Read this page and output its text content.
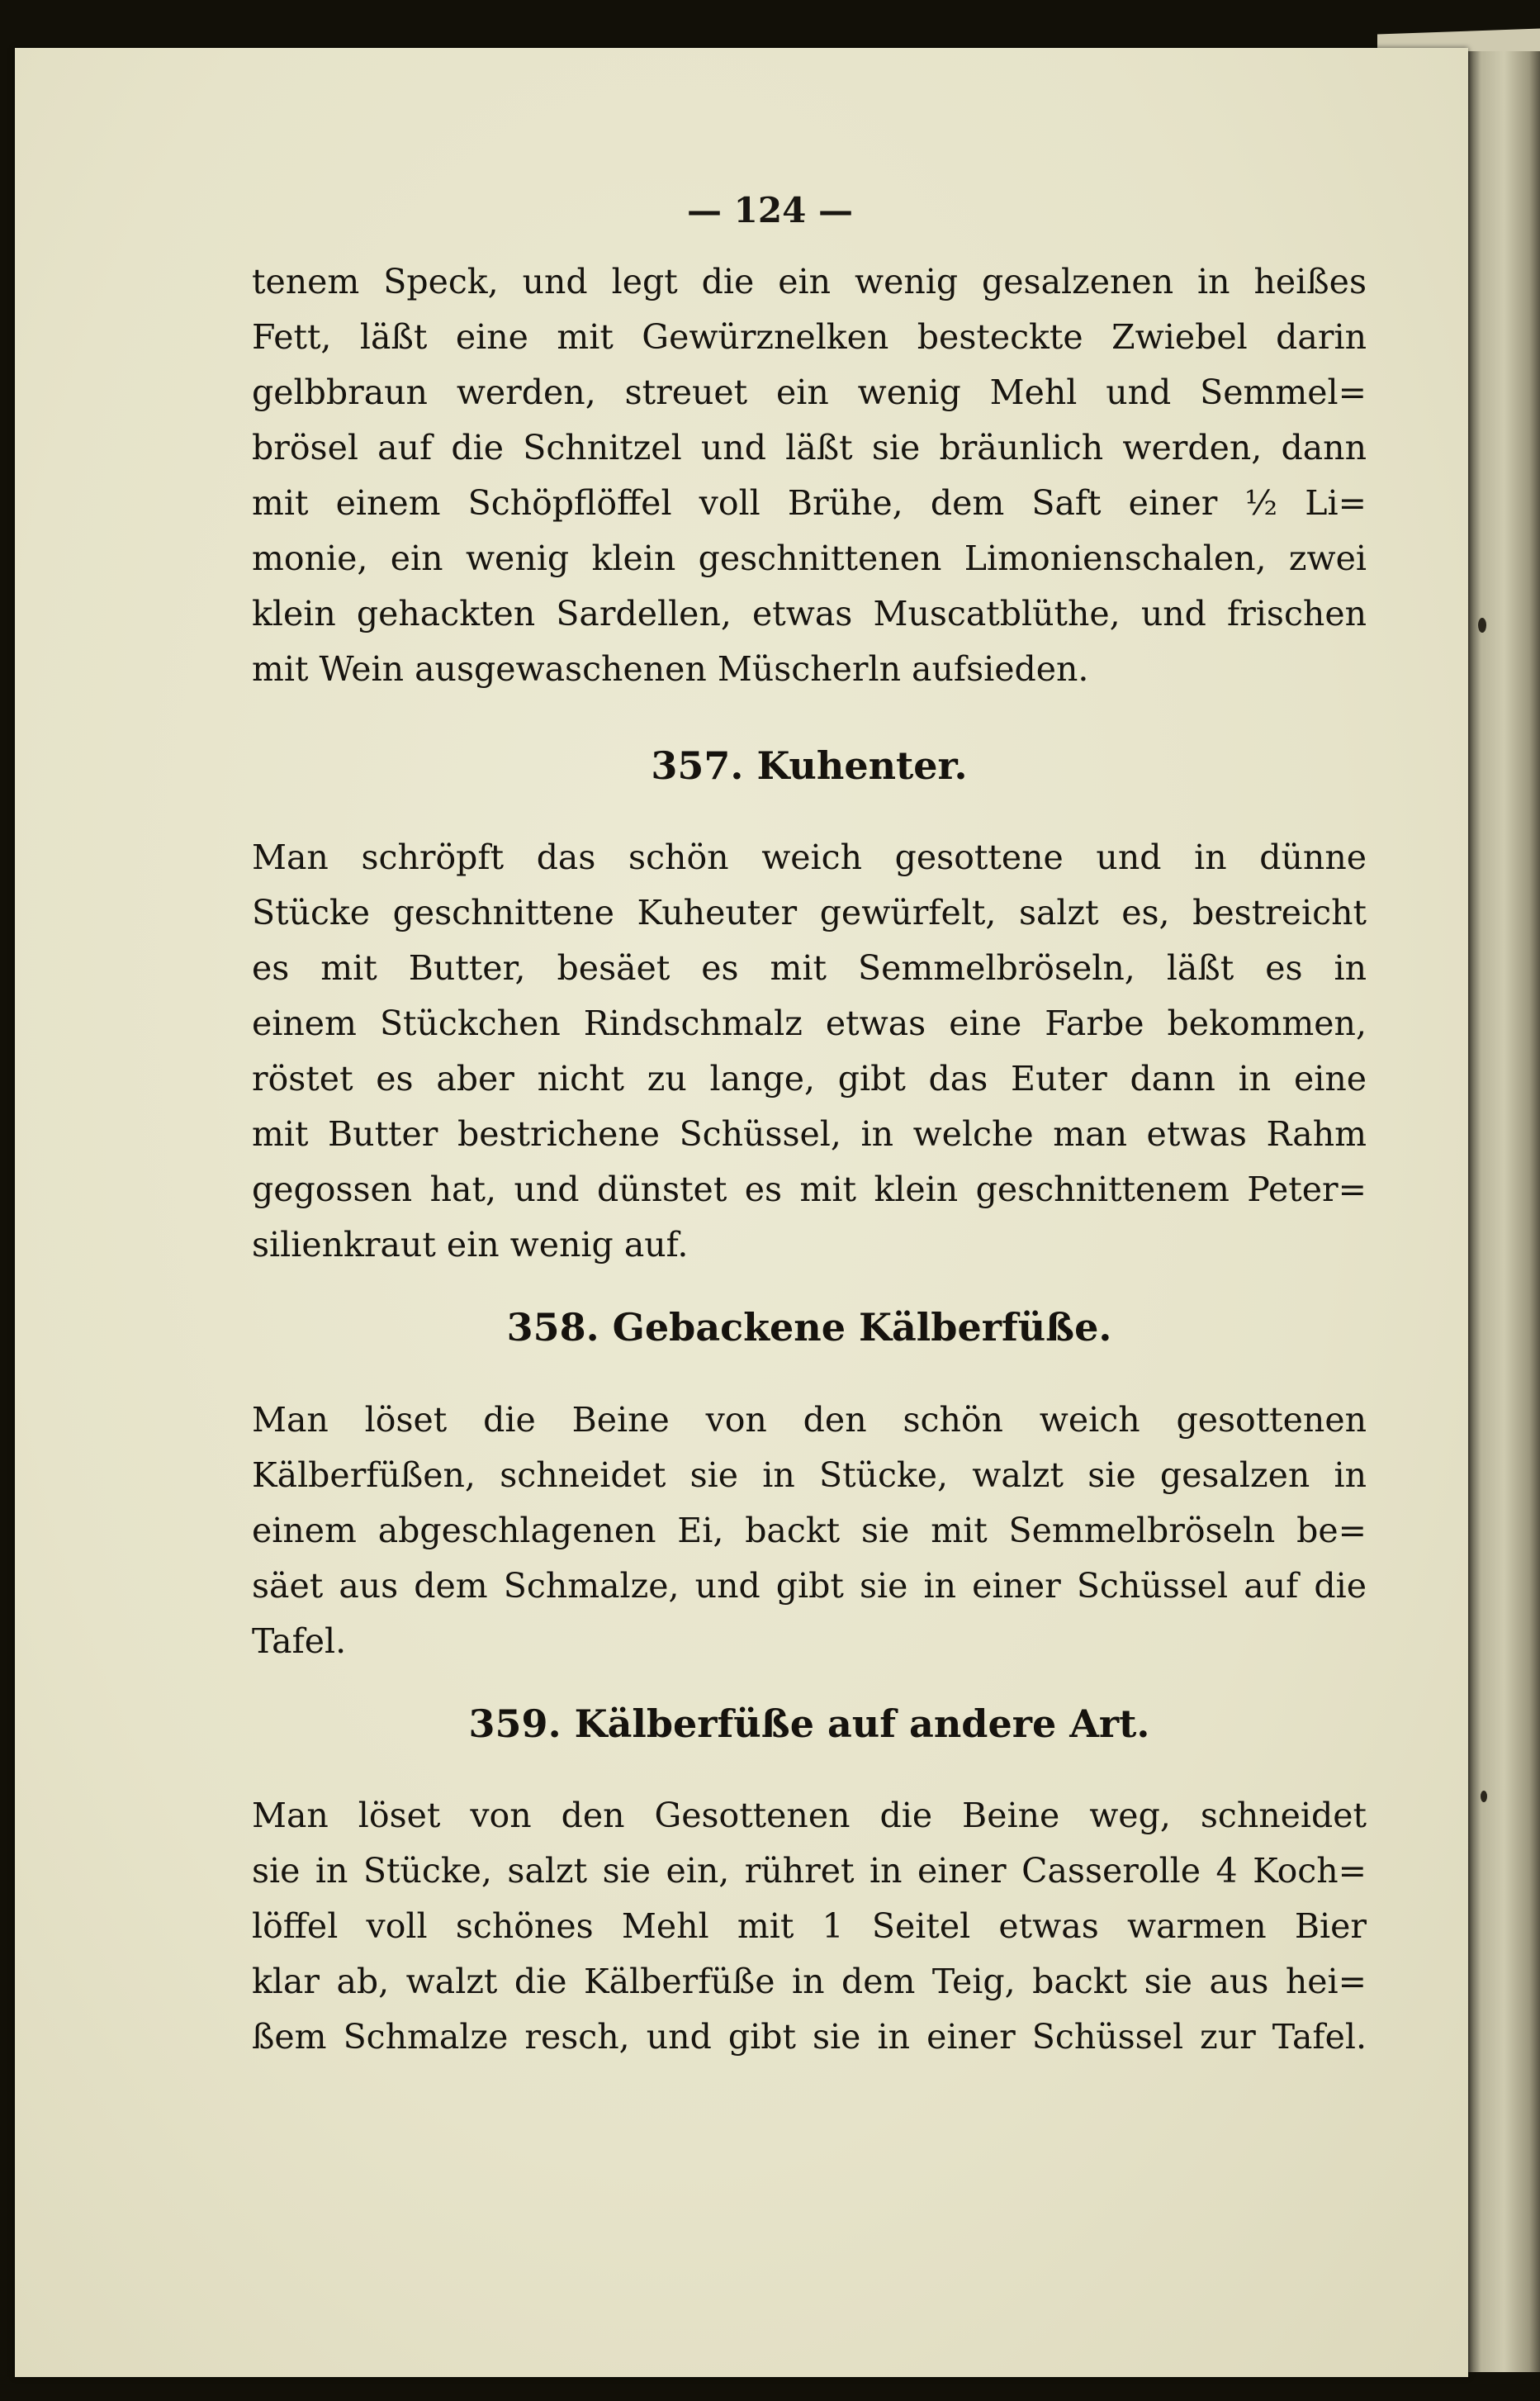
— 124 —
tenem Speck, und legt die ein wenig gesalzenen in heißes
Fett, läßt eine mit Gewürznelken besteckte Zwiebel darin
gelbbraun werden, streuet ein wenig Mehl und Semmel=
brösel auf die Schnitzel und läßt sie bräunlich werden, dann
mit einem Schöpflöffel voll Brühe, dem Saft einer ½ Li=
monie, ein wenig klein geschnittenen Limonienschalen, zwei
klein gehackten Sardellen, etwas Muscatblüthe, und frischen
mit Wein ausgewaschenen Müscherln aufsieden.
357. Kuhenter.
Man schröpft das schön weich gesottene und in dünne
Stücke geschnittene Kuheuter gewürfelt, salzt es, bestreicht
es mit Butter, besäet es mit Semmelbröseln, läßt es in
einem Stückchen Rindschmalz etwas eine Farbe bekommen,
röstet es aber nicht zu lange, gibt das Euter dann in eine
mit Butter bestrichene Schüssel, in welche man etwas Rahm
gegossen hat, und dünstet es mit klein geschnittenem Peter=
silienkraut ein wenig auf.
358. Gebackene Kälberfüße.
Man löset die Beine von den schön weich gesottenen
Kälberfüßen, schneidet sie in Stücke, walzt sie gesalzen in
einem abgeschlagenen Ei, backt sie mit Semmelbröseln be=
säet aus dem Schmalze, und gibt sie in einer Schüssel auf die
Tafel.
359. Kälberfüße auf andere Art.
Man löset von den Gesottenen die Beine weg, schneidet
sie in Stücke, salzt sie ein, rühret in einer Casserolle 4 Koch=
löffel voll schönes Mehl mit 1 Seitel etwas warmen Bier
klar ab, walzt die Kälberfüße in dem Teig, backt sie aus hei=
ßem Schmalze resch, und gibt sie in einer Schüssel zur Tafel.
